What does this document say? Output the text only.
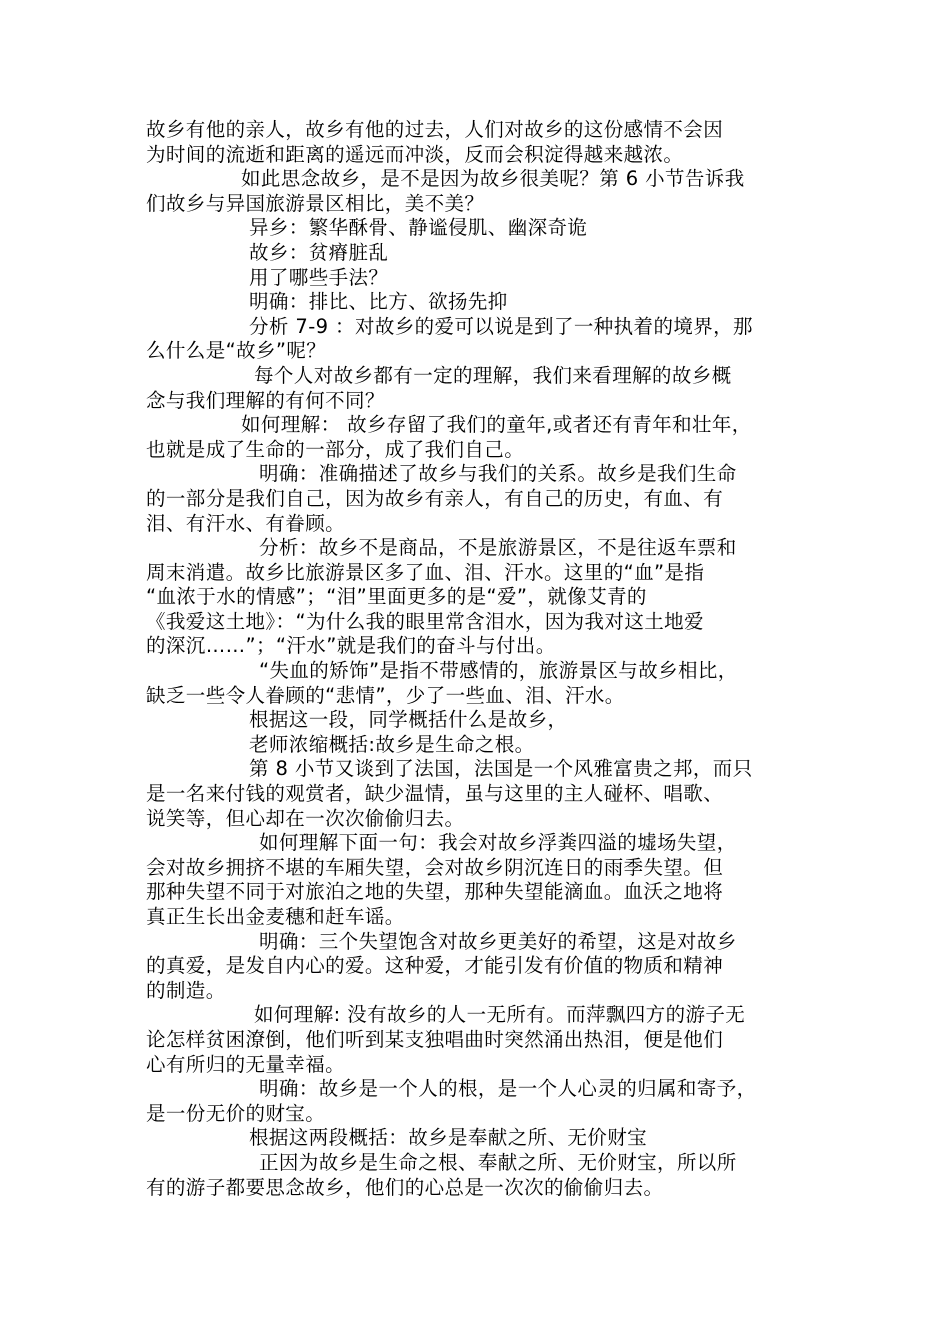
故乡有他的亲人，故乡有他的过去，人们对故乡的这份感情不会因
为时间的流逝和距离的遥远而冲淡，反而会积淀得越来越浓。
如此思念故乡，是不是因为故乡很美呢？第 6 小节告诉我
们故乡与异国旅游景区相比，美不美？
异乡：繁华酥骨、静谧侵肌、幽深奇诡
故乡：贫瘠脏乱
用了哪些手法？
明确：排比、比方、欲扬先抑
分析 7-9 ：对故乡的爱可以说是到了一种执着的境界，那
么什么是“故乡”呢？
每个人对故乡都有一定的理解，我们来看理解的故乡概
念与我们理解的有何不同？
如何理解： 故乡存留了我们的童年,或者还有青年和壮年，
也就是成了生命的一部分，成了我们自己。
明确：准确描述了故乡与我们的关系。故乡是我们生命
的一部分是我们自己，因为故乡有亲人，有自己的历史，有血、有
泪、有汗水、有眷顾。
分析：故乡不是商品，不是旅游景区，不是往返车票和
周末消遣。故乡比旅游景区多了血、泪、汗水。这里的“血”是指
“血浓于水的情感”；“泪”里面更多的是“爱”，就像艾青的
《我爱这土地》：“为什么我的眼里常含泪水，因为我对这土地爱
的深沉……”；“汗水”就是我们的奋斗与付出。
“失血的矫饰”是指不带感情的，旅游景区与故乡相比，
缺乏一些令人眷顾的“悲情”，少了一些血、泪、汗水。
根据这一段，同学概括什么是故乡，
老师浓缩概括:故乡是生命之根。
第 8 小节又谈到了法国，法国是一个风雅富贵之邦，而只
是一名来付钱的观赏者，缺少温情，虽与这里的主人碰杯、唱歌、
说笑等，但心却在一次次偷偷归去。
如何理解下面一句：我会对故乡浮粪四溢的墟场失望，
会对故乡拥挤不堪的车厢失望，会对故乡阴沉连日的雨季失望。但
那种失望不同于对旅泊之地的失望，那种失望能滴血。血沃之地将
真正生长出金麦穗和赶车谣。
明确：三个失望饱含对故乡更美好的希望，这是对故乡
的真爱，是发自内心的爱。这种爱，才能引发有价值的物质和精神
的制造。
如何理解: 没有故乡的人一无所有。而萍飘四方的游子无
论怎样贫困潦倒，他们听到某支独唱曲时突然涌出热泪，便是他们
心有所归的无量幸福。
明确：故乡是一个人的根，是一个人心灵的归属和寄予，
是一份无价的财宝。
根据这两段概括：故乡是奉献之所、无价财宝
正因为故乡是生命之根、奉献之所、无价财宝，所以所
有的游子都要思念故乡，他们的心总是一次次的偷偷归去。
